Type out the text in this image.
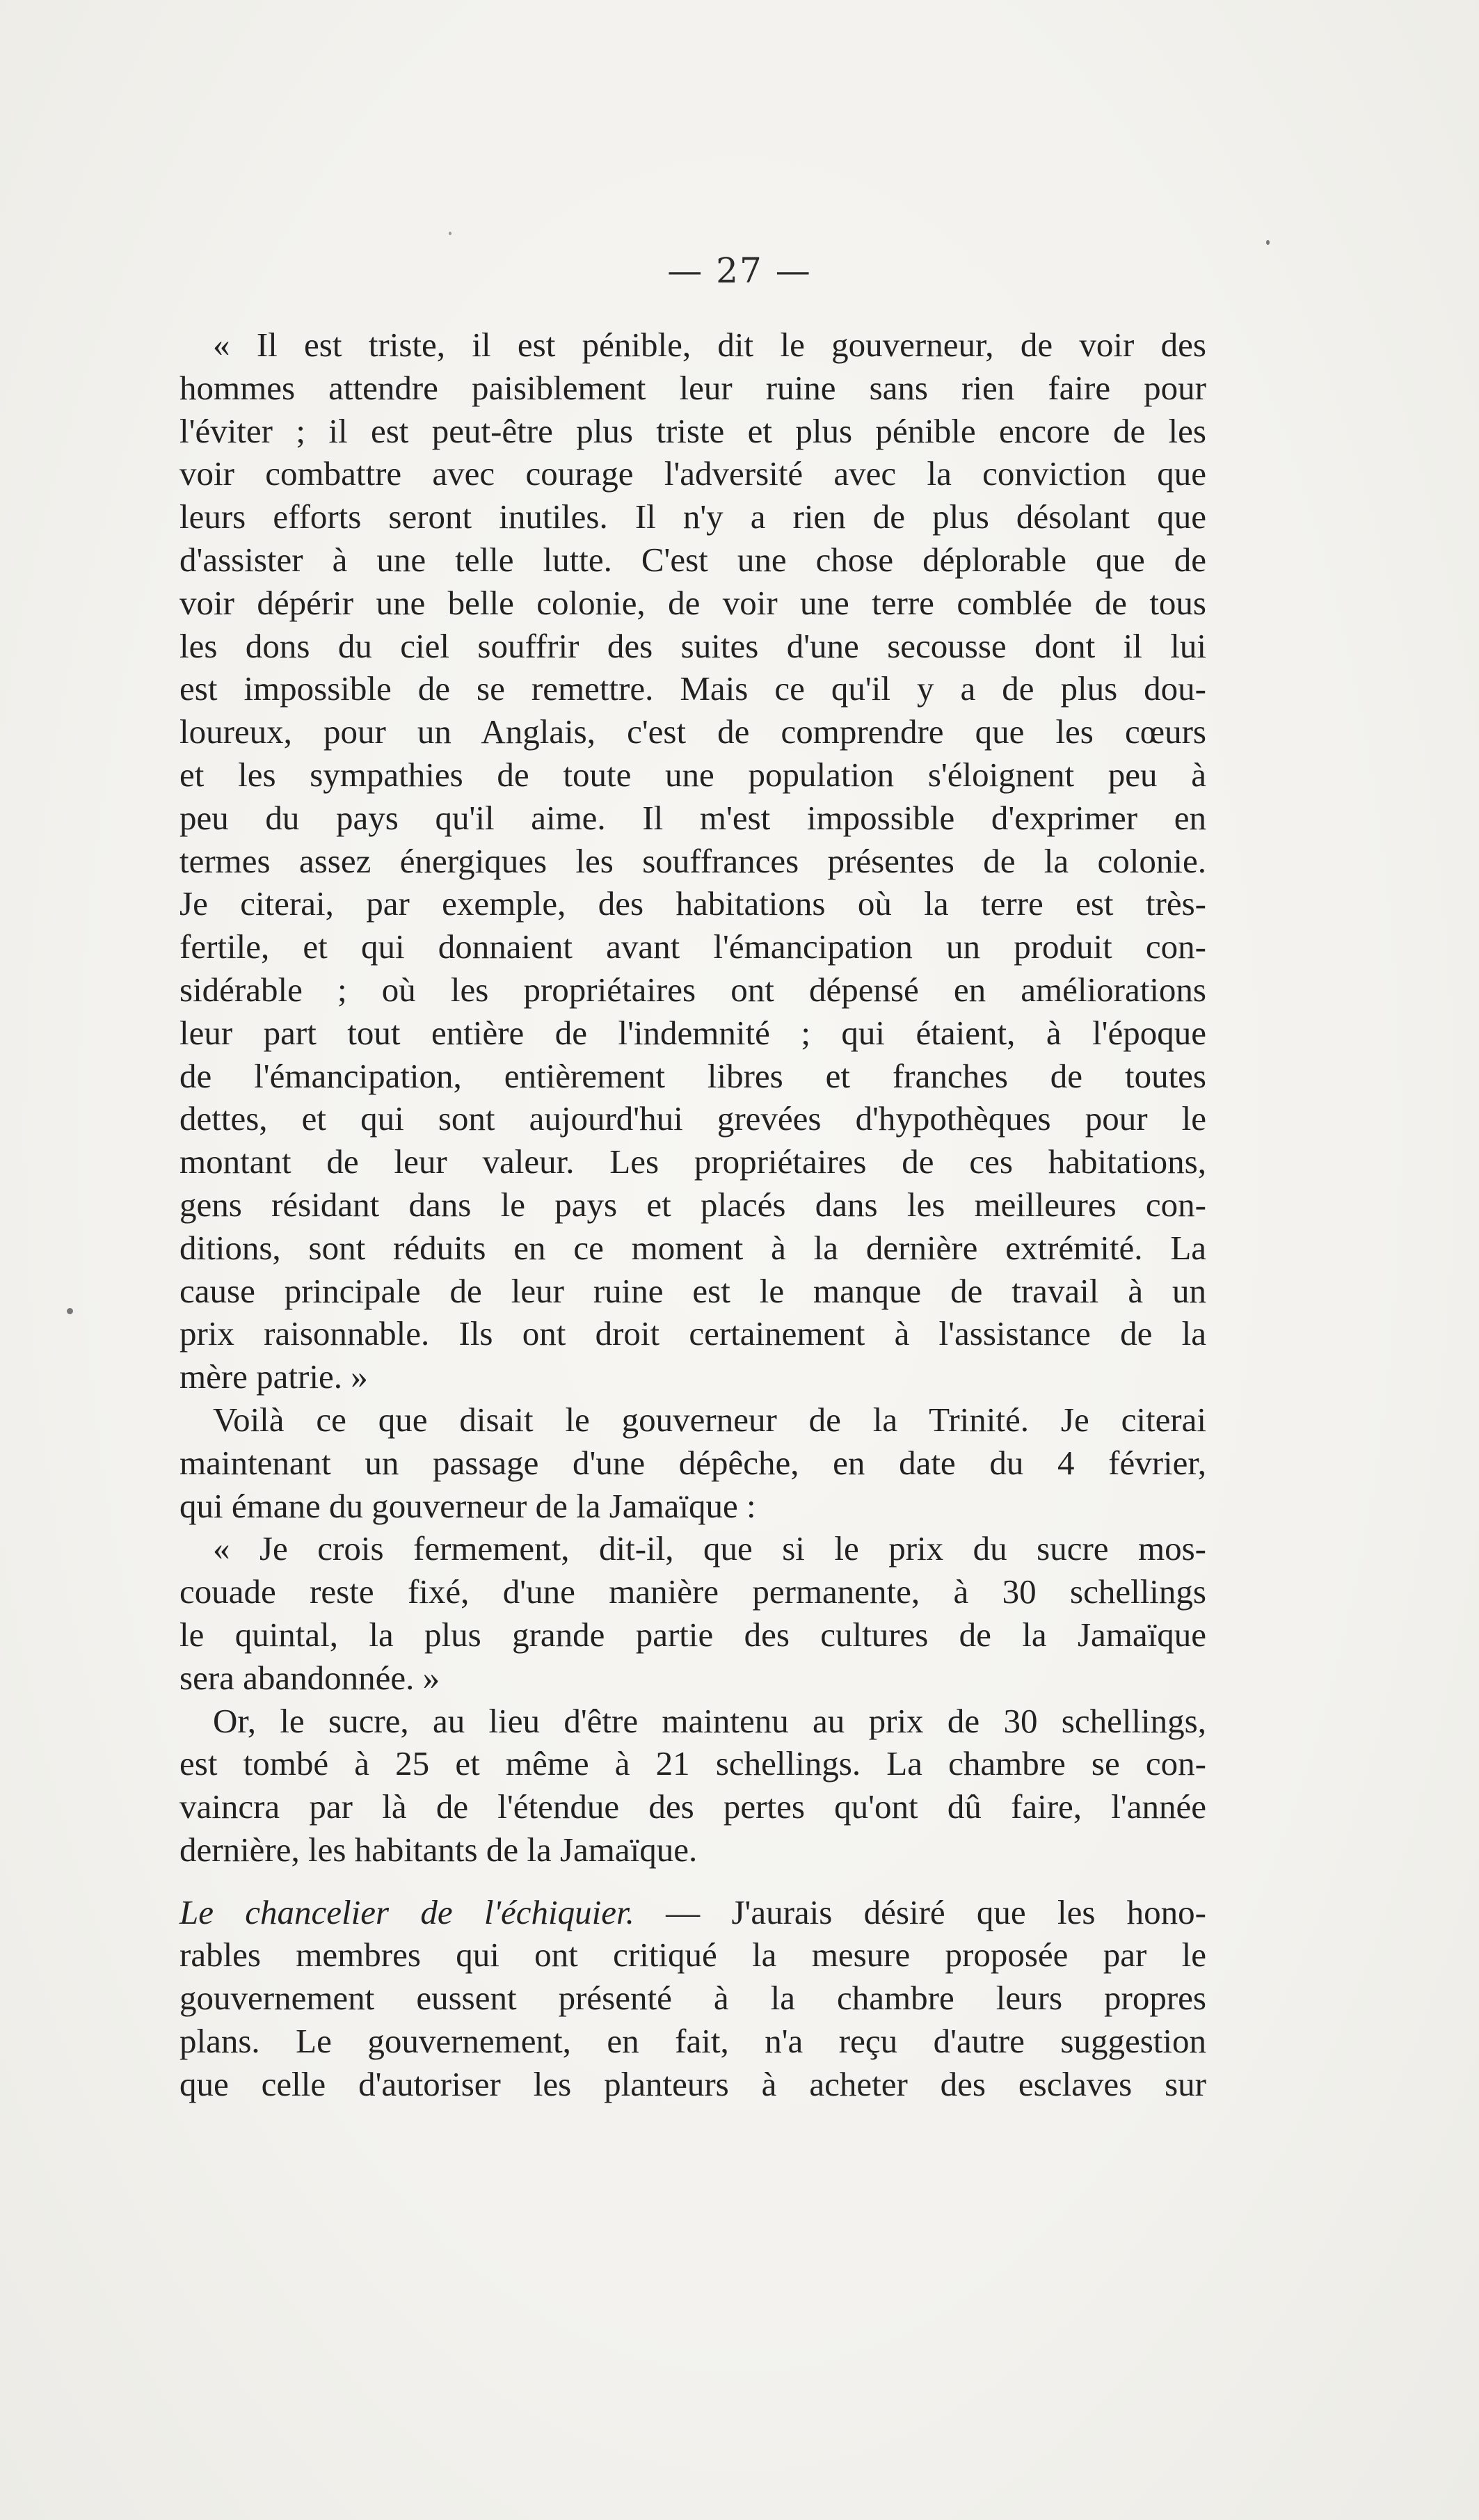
— 27 —
« Il est triste, il est pénible, dit le gouverneur, de voir des
hommes attendre paisiblement leur ruine sans rien faire pour
l'éviter ; il est peut-être plus triste et plus pénible encore de les
voir combattre avec courage l'adversité avec la conviction que
leurs efforts seront inutiles. Il n'y a rien de plus désolant que
d'assister à une telle lutte. C'est une chose déplorable que de
voir dépérir une belle colonie, de voir une terre comblée de tous
les dons du ciel souffrir des suites d'une secousse dont il lui
est impossible de se remettre. Mais ce qu'il y a de plus dou-
loureux, pour un Anglais, c'est de comprendre que les cœurs
et les sympathies de toute une population s'éloignent peu à
peu du pays qu'il aime. Il m'est impossible d'exprimer en
termes assez énergiques les souffrances présentes de la colonie.
Je citerai, par exemple, des habitations où la terre est très-
fertile, et qui donnaient avant l'émancipation un produit con-
sidérable ; où les propriétaires ont dépensé en améliorations
leur part tout entière de l'indemnité ; qui étaient, à l'époque
de l'émancipation, entièrement libres et franches de toutes
dettes, et qui sont aujourd'hui grevées d'hypothèques pour le
montant de leur valeur. Les propriétaires de ces habitations,
gens résidant dans le pays et placés dans les meilleures con-
ditions, sont réduits en ce moment à la dernière extrémité. La
cause principale de leur ruine est le manque de travail à un
prix raisonnable. Ils ont droit certainement à l'assistance de la
mère patrie. »
Voilà ce que disait le gouverneur de la Trinité. Je citerai
maintenant un passage d'une dépêche, en date du 4 février,
qui émane du gouverneur de la Jamaïque :
« Je crois fermement, dit-il, que si le prix du sucre mos-
couade reste fixé, d'une manière permanente, à 30 schellings
le quintal, la plus grande partie des cultures de la Jamaïque
sera abandonnée. »
Or, le sucre, au lieu d'être maintenu au prix de 30 schellings,
est tombé à 25 et même à 21 schellings. La chambre se con-
vaincra par là de l'étendue des pertes qu'ont dû faire, l'année
dernière, les habitants de la Jamaïque.
Le chancelier de l'échiquier. — J'aurais désiré que les hono-
rables membres qui ont critiqué la mesure proposée par le
gouvernement eussent présenté à la chambre leurs propres
plans. Le gouvernement, en fait, n'a reçu d'autre suggestion
que celle d'autoriser les planteurs à acheter des esclaves sur
